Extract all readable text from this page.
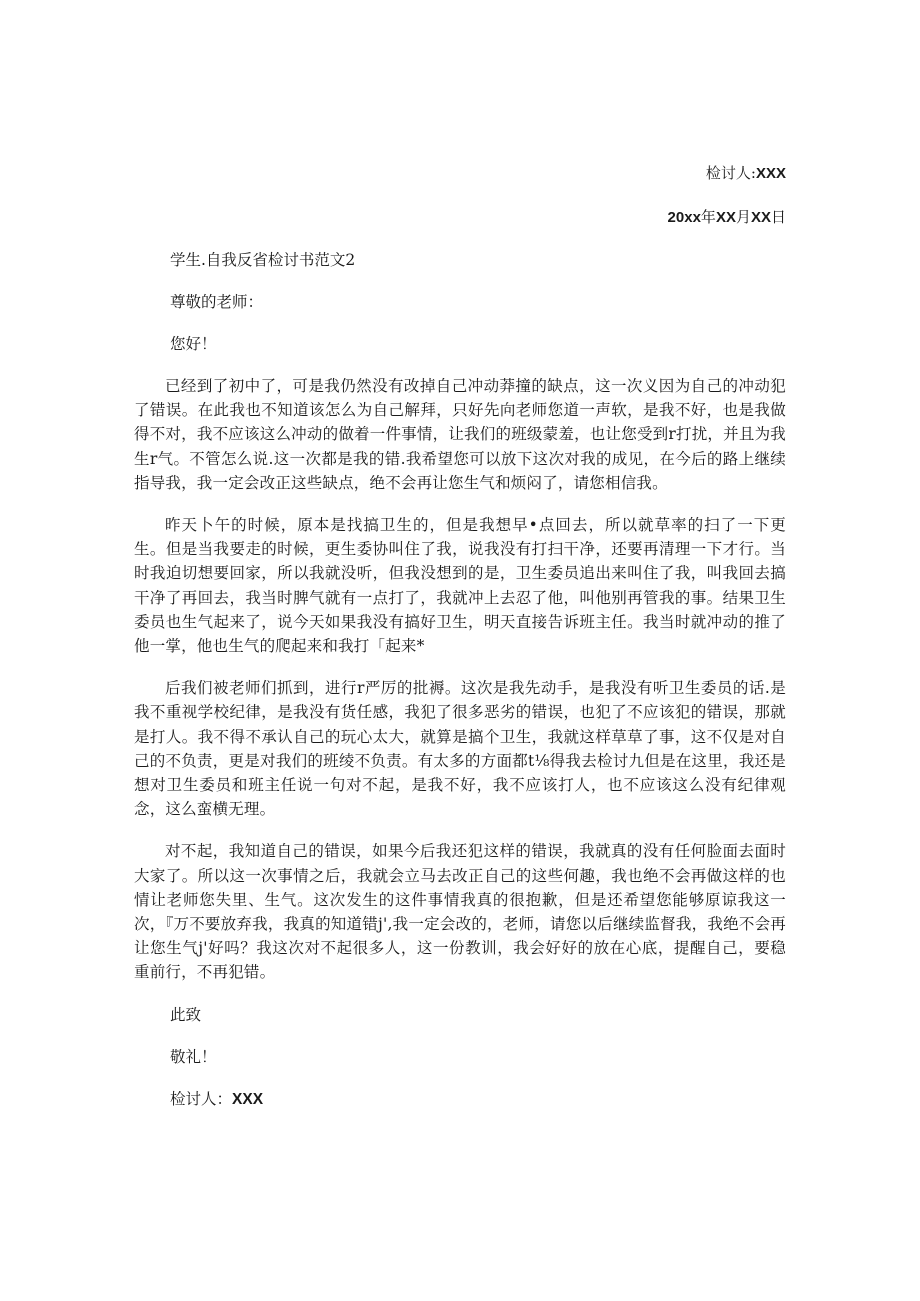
检讨人:XXX
20xx年XX月XX日

学生.自我反省检讨书范文2

尊敬的老师：

您好！

已经到了初中了，可是我仍然没有改掉自己冲动莽撞的缺点，这一次义因为自己的冲动犯了错误。在此我也不知道该怎么为自己解拜，只好先向老师您道一声软，是我不好，也是我做得不对，我不应该这么冲动的做着一件事情，让我们的班级蒙羞，也让您受到r打扰，并且为我生r气。不管怎么说.这一次都是我的错.我希望您可以放下这次对我的成见，在今后的路上继续指导我，我一定会改正这些缺点，绝不会再让您生气和烦闷了，请您相信我。

昨天卜午的时候，原本是找搞卫生的，但是我想早•点回去，所以就草率的扫了一下更生。但是当我要走的时候，更生委协叫住了我，说我没有打扫干净，还要再清理一下才行。当时我迫切想要回家，所以我就没听，但我没想到的是，卫生委员追出来叫住了我，叫我回去搞干净了再回去，我当时脾气就有一点打了，我就冲上去忍了他，叫他别再管我的事。结果卫生委员也生气起来了，说今天如果我没有搞好卫生，明天直接告诉班主任。我当时就冲动的推了他一掌，他也生气的爬起来和我打「起来*

后我们被老师们抓到，进行r严厉的批褥。这次是我先动手，是我没有听卫生委员的话.是我不重视学校纪律，是我没有货任感，我犯了很多恶劣的错误，也犯了不应该犯的错误，那就是打人。我不得不承认自己的玩心太大，就算是搞个卫生，我就这样草草了事，这不仅是对自己的不负责，更是对我们的班绫不负责。有太多的方面都t⅛得我去检讨九但是在这里，我还是想对卫生委员和班主任说一句对不起，是我不好，我不应该打人，也不应该这么没有纪律观念，这么蛮横无理。

对不起，我知道自己的错误，如果今后我还犯这样的错误，我就真的没有任何脸面去面时大家了。所以这一次事情之后，我就会立马去改正自己的这些何趣，我也绝不会再做这样的也情让老师您失里、生气。这次发生的这件事情我真的很抱歉，但是还希望您能够原谅我这一次，『万不要放弃我，我真的知道错j',我一定会改的，老师，请您以后继续监督我，我绝不会再让您生气j'好吗？我这次对不起很多人，这一份教训，我会好好的放在心底，提醒自己，要稳重前行，不再犯错。

此致

敬礼！

检讨人：XXX
